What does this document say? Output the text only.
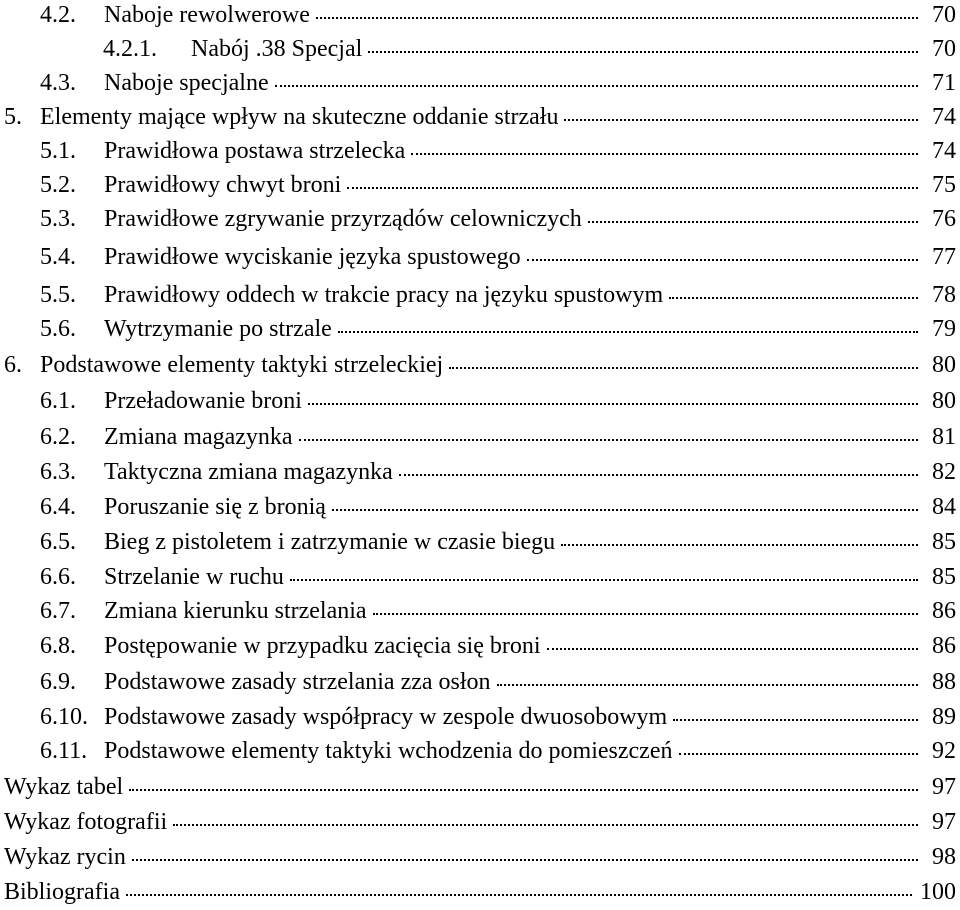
4.2.	Naboje rewolwerowe	70
4.2.1.	Nabój .38 Specjal	70
4.3.	Naboje specjalne	71
5. Elementy mające wpływ na skuteczne oddanie strzału	74
5.1.	Prawidłowa postawa strzelecka	74
5.2.	Prawidłowy chwyt broni	75
5.3.	Prawidłowe zgrywanie przyrządów celowniczych	76
5.4.	Prawidłowe wyciskanie języka spustowego	77
5.5.	Prawidłowy oddech w trakcie pracy na języku spustowym	78
5.6.	Wytrzymanie po strzale	79
6. Podstawowe elementy taktyki strzeleckiej	80
6.1.	Przeładowanie broni	80
6.2.	Zmiana magazynka	81
6.3.	Taktyczna zmiana magazynka	82
6.4.	Poruszanie się z bronią	84
6.5.	Bieg z pistoletem i zatrzymanie w czasie biegu	85
6.6.	Strzelanie w ruchu	85
6.7.	Zmiana kierunku strzelania	86
6.8.	Postępowanie w przypadku zacięcia się broni	86
6.9.	Podstawowe zasady strzelania zza osłon	88
6.10. Podstawowe zasady współpracy w zespole dwuosobowym	89
6.11. Podstawowe elementy taktyki wchodzenia do pomieszczeń	92
Wykaz tabel	97
Wykaz fotografii	97
Wykaz rycin	98
Bibliografia	100
